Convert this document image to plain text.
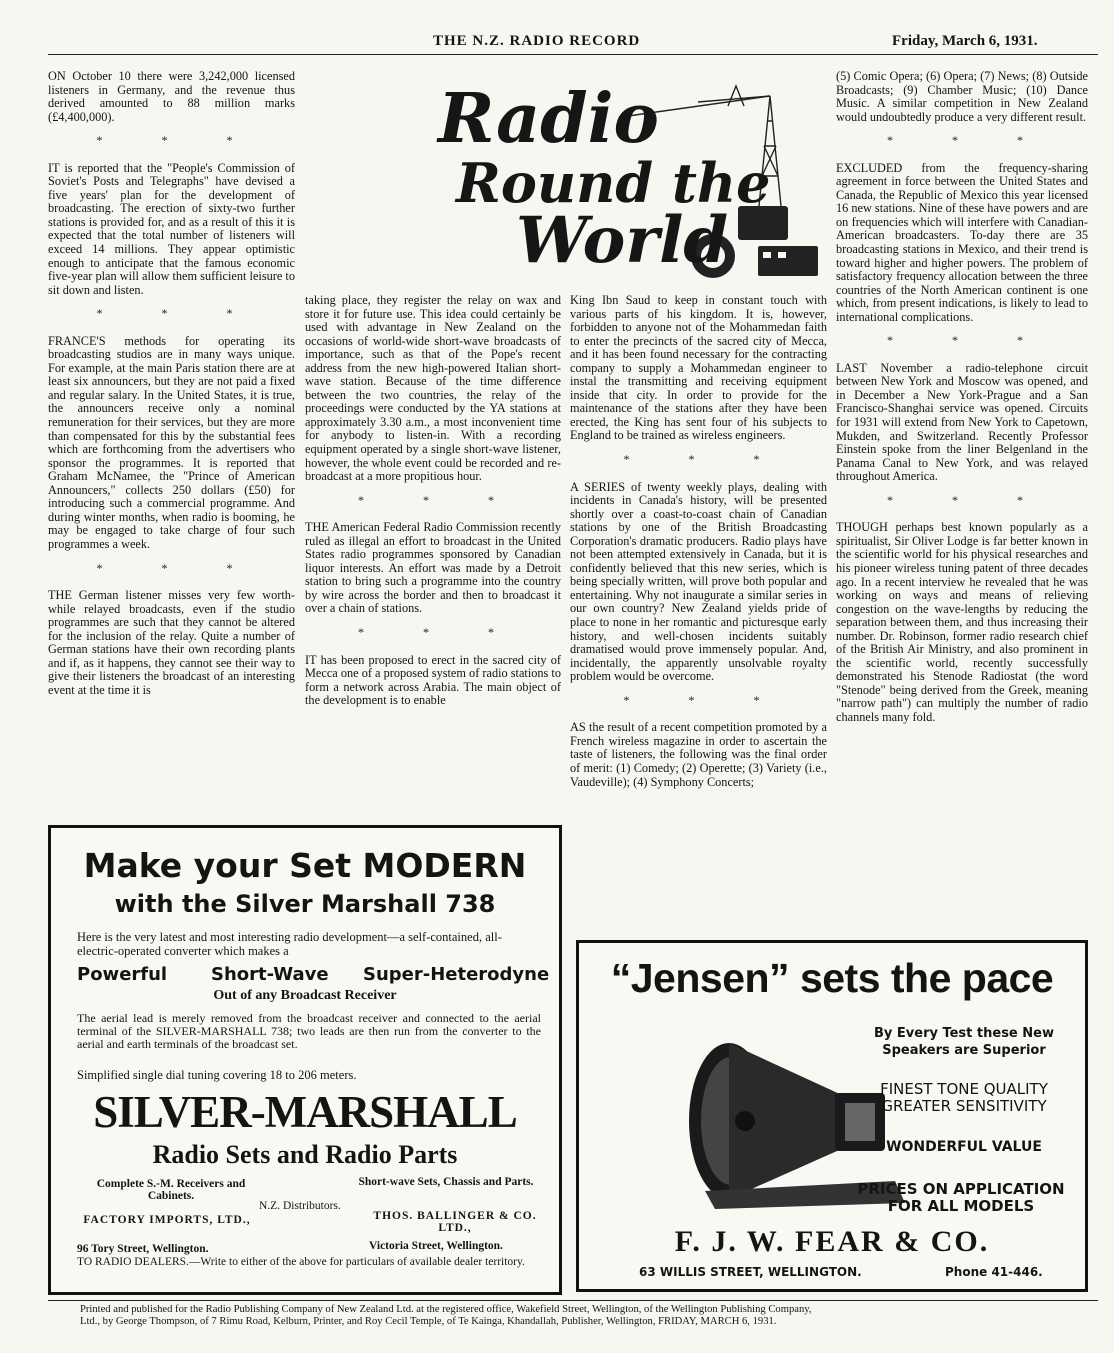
THE N.Z. RADIO RECORD	Friday, March 6, 1931.
Radio
Round the
World

ON October 10 there were 3,242,000 licensed listeners in Germany, and the revenue thus derived amounted to 88 million marks (£4,400,000).

* * *

IT is reported that the "People's Commission of Soviet's Posts and Telegraphs" have devised a five years' plan for the development of broadcasting. The erection of sixty-two further stations is provided for, and as a result of this it is expected that the total number of listeners will exceed 14 millions. They appear optimistic enough to anticipate that the famous economic five-year plan will allow them sufficient leisure to sit down and listen.

* * *

FRANCE'S methods for operating its broadcasting studios are in many ways unique. For example, at the main Paris station there are at least six announcers, but they are not paid a fixed and regular salary. In the United States, it is true, the announcers receive only a nominal remuneration for their services, but they are more than compensated for this by the substantial fees which are forthcoming from the advertisers who sponsor the programmes. It is reported that Graham McNamee, the "Prince of American Announcers," collects 250 dollars (£50) for introducing such a commercial programme. And during winter months, when radio is booming, he may be engaged to take charge of four such programmes a week.

* * *

THE German listener misses very few worth-while relayed broadcasts, even if the studio programmes are such that they cannot be altered for the inclusion of the relay. Quite a number of German stations have their own recording plants and if, as it happens, they cannot see their way to give their listeners the broadcast of an interesting event at the time it is

taking place, they register the relay on wax and store it for future use. This idea could certainly be used with advantage in New Zealand on the occasions of world-wide short-wave broadcasts of importance, such as that of the Pope's recent address from the new high-powered Italian short-wave station. Because of the time difference between the two countries, the relay of the proceedings were conducted by the YA stations at approximately 3.30 a.m., a most inconvenient time for anybody to listen-in. With a recording equipment operated by a single short-wave listener, however, the whole event could be recorded and re-broadcast at a more propitious hour.

* * *

THE American Federal Radio Commission recently ruled as illegal an effort to broadcast in the United States radio programmes sponsored by Canadian liquor interests. An effort was made by a Detroit station to bring such a programme into the country by wire across the border and then to broadcast it over a chain of stations.

* * *

IT has been proposed to erect in the sacred city of Mecca one of a proposed system of radio stations to form a network across Arabia. The main object of the development is to enable

King Ibn Saud to keep in constant touch with various parts of his kingdom. It is, however, forbidden to anyone not of the Mohammedan faith to enter the precincts of the sacred city of Mecca, and it has been found necessary for the contracting company to supply a Mohammedan engineer to instal the transmitting and receiving equipment inside that city. In order to provide for the maintenance of the stations after they have been erected, the King has sent four of his subjects to England to be trained as wireless engineers.

* * *

A SERIES of twenty weekly plays, dealing with incidents in Canada's history, will be presented shortly over a coast-to-coast chain of Canadian stations by one of the British Broadcasting Corporation's dramatic producers. Radio plays have not been attempted extensively in Canada, but it is confidently believed that this new series, which is being specially written, will prove both popular and entertaining. Why not inaugurate a similar series in our own country? New Zealand yields pride of place to none in her romantic and picturesque early history, and well-chosen incidents suitably dramatised would prove immensely popular. And, incidentally, the apparently unsolvable royalty problem would be overcome.

* * *

AS the result of a recent competition promoted by a French wireless magazine in order to ascertain the taste of listeners, the following was the final order of merit: (1) Comedy; (2) Operette; (3) Variety (i.e., Vaudeville); (4) Symphony Concerts;

(5) Comic Opera; (6) Opera; (7) News; (8) Outside Broadcasts; (9) Chamber Music; (10) Dance Music. A similar competition in New Zealand would undoubtedly produce a very different result.

* * *

EXCLUDED from the frequency-sharing agreement in force between the United States and Canada, the Republic of Mexico this year licensed 16 new stations. Nine of these have powers and are on frequencies which will interfere with Canadian-American broadcasters. To-day there are 35 broadcasting stations in Mexico, and their trend is toward higher and higher powers. The problem of satisfactory frequency allocation between the three countries of the North American continent is one which, from present indications, is likely to lead to international complications.

* * *

LAST November a radio-telephone circuit between New York and Moscow was opened, and in December a New York-Prague and a San Francisco-Shanghai service was opened. Circuits for 1931 will extend from New York to Capetown, Mukden, and Switzerland. Recently Professor Einstein spoke from the liner Belgenland in the Panama Canal to New York, and was relayed throughout America.

* * *

THOUGH perhaps best known popularly as a spiritualist, Sir Oliver Lodge is far better known in the scientific world for his physical researches and his pioneer wireless tuning patent of three decades ago. In a recent interview he revealed that he was working on ways and means of relieving congestion on the wave-lengths by reducing the separation between them, and thus increasing their number. Dr. Robinson, former radio research chief of the British Air Ministry, and also prominent in the scientific world, recently successfully demonstrated his Stenode Radiostat (the word "Stenode" being derived from the Greek, meaning "narrow path") can multiply the number of radio channels many fold.

Make your Set MODERN
with the Silver Marshall 738
Here is the very latest and most interesting radio development—a self-contained, all-electric-operated converter which makes a
Powerful Short-Wave Super-Heterodyne
Out of any Broadcast Receiver
The aerial lead is merely removed from the broadcast receiver and connected to the aerial terminal of the SILVER-MARSHALL 738; two leads are then run from the converter to the aerial and earth terminals of the broadcast set.
Simplified single dial tuning covering 18 to 206 meters.
SILVER-MARSHALL
Radio Sets and Radio Parts
Complete S.-M. Receivers and Cabinets.
Short-wave Sets, Chassis and Parts.
N.Z. Distributors.
FACTORY IMPORTS, LTD.,	THOS. BALLINGER & CO. LTD.,
96 Tory Street, Wellington.	Victoria Street, Wellington.
TO RADIO DEALERS.—Write to either of the above for particulars of available dealer territory.
“Jensen” sets the pace
By Every Test these New
Speakers are Superior
FINEST TONE QUALITY
GREATER SENSITIVITY
WONDERFUL VALUE
PRICES ON APPLICATION
FOR ALL MODELS
F. J. W. FEAR & CO.
63 WILLIS STREET, WELLINGTON.	Phone 41-446.
Printed and published for the Radio Publishing Company of New Zealand Ltd. at the registered office, Wakefield Street, Wellington, of the Wellington Publishing Company,
Ltd., by George Thompson, of 7 Rimu Road, Kelburn, Printer, and Roy Cecil Temple, of Te Kainga, Khandallah, Publisher, Wellington, FRIDAY, MARCH 6, 1931.
